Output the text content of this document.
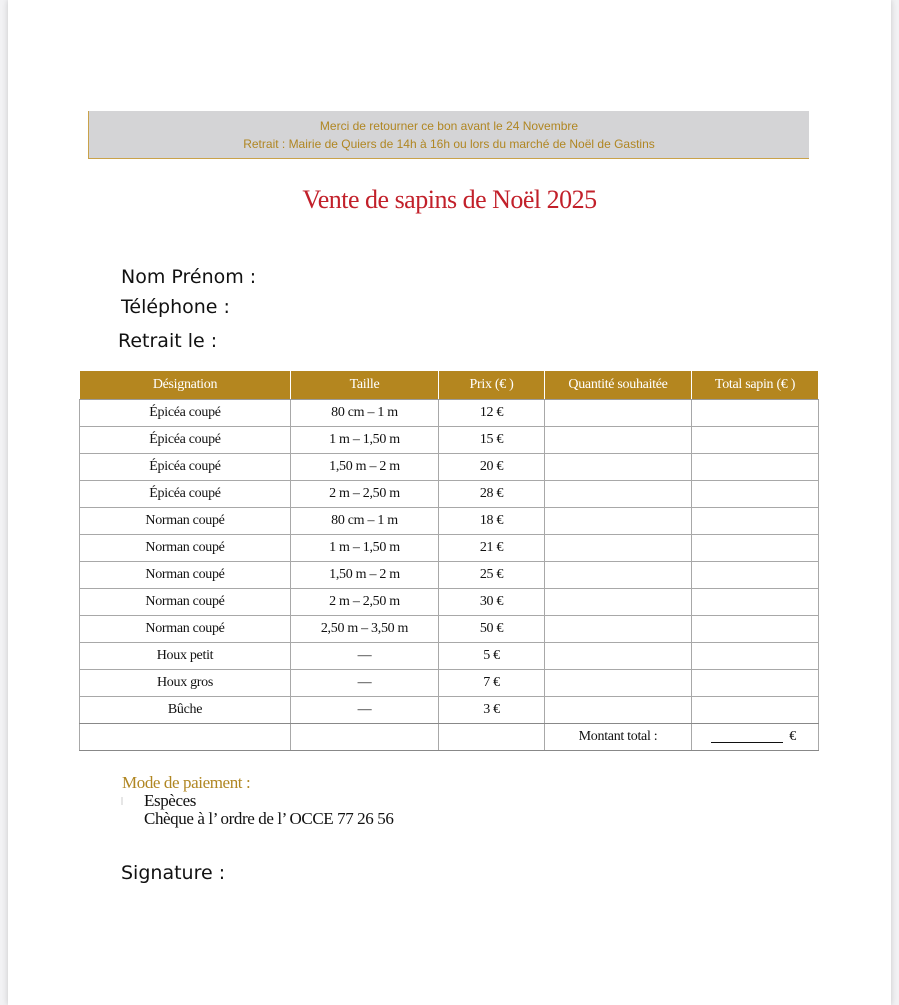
Merci de retourner ce bon avant le 24 Novembre
Retrait : Mairie de Quiers de 14h à 16h ou lors du marché de Noël de Gastins
Vente de sapins de Noël 2025
Nom Prénom :
Téléphone :
Retrait le :
Désignation	Taille	Prix (€ )	Quantité souhaitée	Total sapin (€ )
Épicéa coupé	80 cm – 1 m	12 €		
Épicéa coupé	1 m – 1,50 m	15 €		
Épicéa coupé	1,50 m – 2 m	20 €		
Épicéa coupé	2 m – 2,50 m	28 €		
Norman coupé	80 cm – 1 m	18 €		
Norman coupé	1 m – 1,50 m	21 €		
Norman coupé	1,50 m – 2 m	25 €		
Norman coupé	2 m – 2,50 m	30 €		
Norman coupé	2,50 m – 3,50 m	50 €		
Houx petit	—	5 €		
Houx gros	—	7 €		
Bûche	—	3 €		
			Montant total :	€
Mode de paiement :
Espèces
Chèque à l’ ordre de l’ OCCE 77 26 56
Signature :
